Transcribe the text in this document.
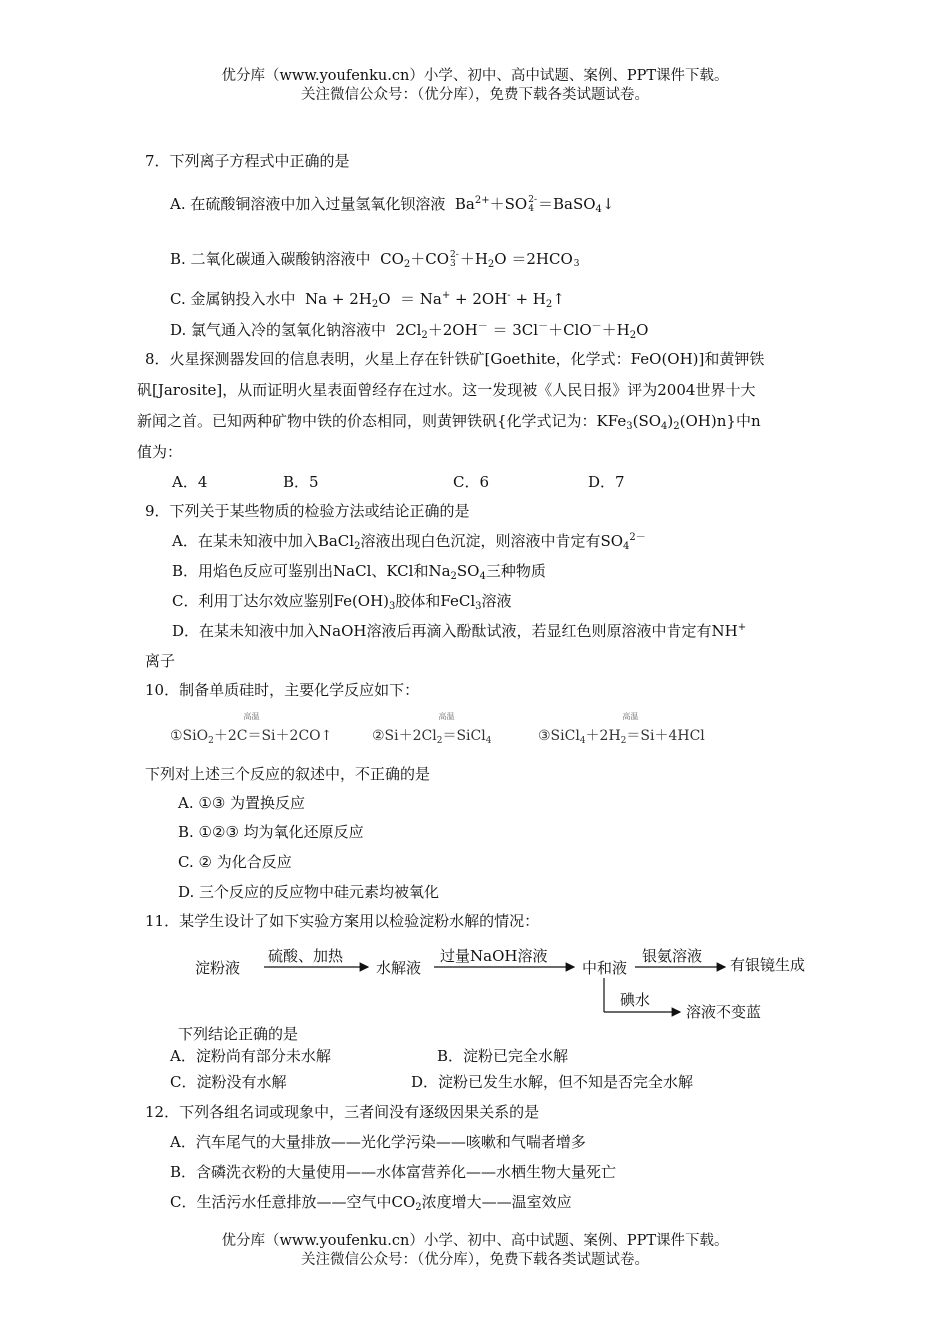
优分库（www.youfenku.cn）小学、初中、高中试题、案例、PPT课件下载。
关注微信公众号：（优分库），免费下载各类试题试卷。
7．下列离子方程式中正确的是
A. 在硫酸铜溶液中加入过量氢氧化钡溶液  $Ba^{2+}+SO2-$
4 ＝BaSO$_4$↓
B. 二氧化碳通入碳酸钠溶液中  $CO_2+CO2-$
$3 +H_2O =2HCO$
3
C. 金属钠投入水中  $Na + 2H_2O = Na^+ + 2OH^-$ + $H_2↑$
D. 氯气通入冷的氢氧化钠溶液中  $2Cl_2+2OH^- = 3Cl^-+ClO^-+H_2O$
8．火星探测器发回的信息表明，火星上存在针铁矿[Goethite，化学式：FeO(OH)]和黄钾铁
矾[Jarosite]，从而证明火星表面曾经存在过水。这一发现被《人民日报》评为2004世界十大
新闻之首。已知两种矿物中铁的价态相同，则黄钾铁矾{化学式记为：$KFe_3(SO_4)_2(OH)n$}中n
值为：
A．4	B．5	C．6	D．7
9．下列关于某些物质的检验方法或结论正确的是
A．在某未知液中加入BaCl$_2$溶液出现白色沉淀，则溶液中肯定有$SO_4^{2-}$
B．用焰色反应可鉴别出NaCl、KCl和$Na_2SO_4$三种物质
C．利用丁达尔效应鉴别$Fe(OH)_3$胶体和FeCl$_3$溶液
D．在某未知液中加入NaOH溶液后再滴入酚酞试液，若显红色则原溶液中肯定有NH+
离子
10．制备单质硅时，主要化学反应如下：
①SiO$_2$＋2C
高温
＝Si＋2CO↑	$②Si+2Cl_2$
高温
＝SiCl$_4$	$③SiCl_4+2H_2$
高温
＝Si＋4HCl
下列对上述三个反应的叙述中，不正确的是
A. ①③ 为置换反应
B. ①②③ 均为氧化还原反应
C. ② 为化合反应
D. 三个反应的反应物中硅元素均被氧化
11．某学生设计了如下实验方案用以检验淀粉水解的情况：
淀粉液
硫酸、加热
水解液
过量NaOH溶液
中和液
银氨溶液 有银镜生成
碘水
溶液不变蓝
下列结论正确的是
A．淀粉尚有部分未水解	B．淀粉已完全水解
C．淀粉没有水解	D．淀粉已发生水解，但不知是否完全水解
12．下列各组名词或现象中，三者间没有逐级因果关系的是
A．汽车尾气的大量排放——光化学污染——咳嗽和气喘者增多
B．含磷洗衣粉的大量使用——水体富营养化——水栖生物大量死亡
C．生活污水任意排放——空气中$CO_2$浓度增大——温室效应
优分库（www.youfenku.cn）小学、初中、高中试题、案例、PPT课件下载。
关注微信公众号：（优分库），免费下载各类试题试卷。
